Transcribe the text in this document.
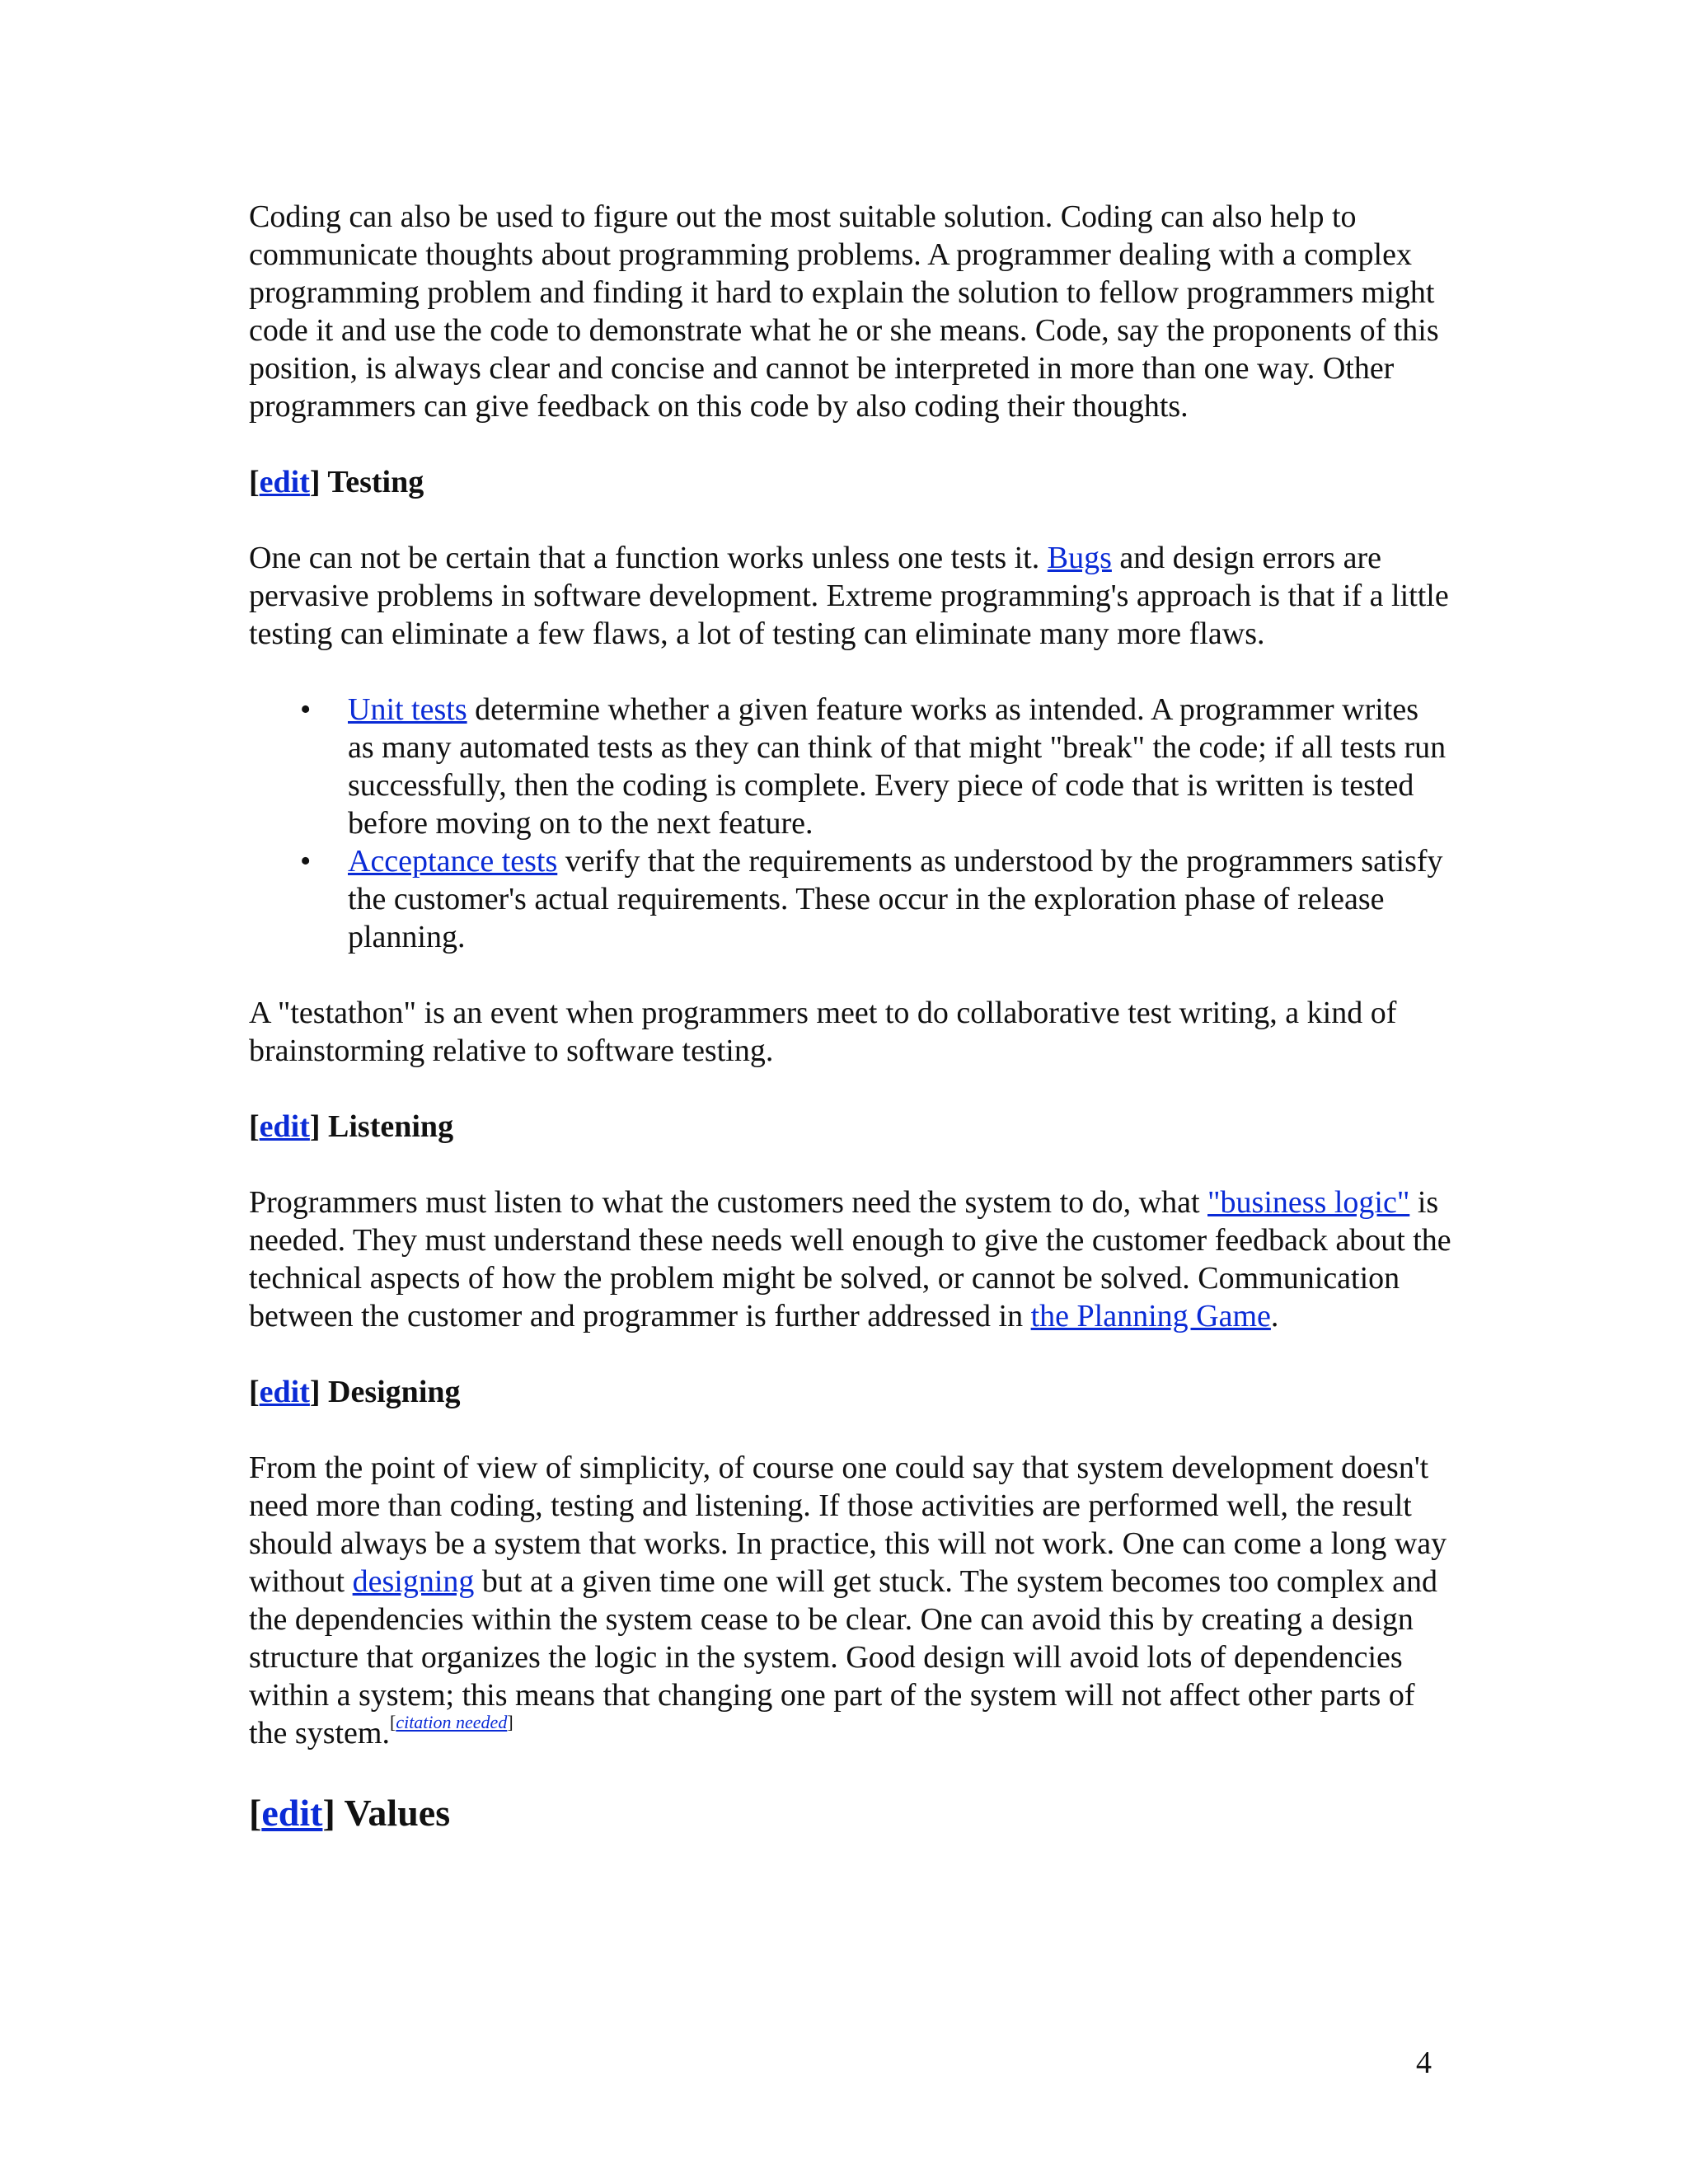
Coding can also be used to figure out the most suitable solution. Coding can also help to communicate thoughts about programming problems. A programmer dealing with a complex programming problem and finding it hard to explain the solution to fellow programmers might code it and use the code to demonstrate what he or she means. Code, say the proponents of this position, is always clear and concise and cannot be interpreted in more than one way. Other programmers can give feedback on this code by also coding their thoughts.

[edit] Testing

One can not be certain that a function works unless one tests it. Bugs and design errors are pervasive problems in software development. Extreme programming's approach is that if a little testing can eliminate a few flaws, a lot of testing can eliminate many more flaws.

• Unit tests determine whether a given feature works as intended. A programmer writes as many automated tests as they can think of that might "break" the code; if all tests run successfully, then the coding is complete. Every piece of code that is written is tested before moving on to the next feature.
• Acceptance tests verify that the requirements as understood by the programmers satisfy the customer's actual requirements. These occur in the exploration phase of release planning.

A "testathon" is an event when programmers meet to do collaborative test writing, a kind of brainstorming relative to software testing.

[edit] Listening

Programmers must listen to what the customers need the system to do, what "business logic" is needed. They must understand these needs well enough to give the customer feedback about the technical aspects of how the problem might be solved, or cannot be solved. Communication between the customer and programmer is further addressed in the Planning Game.

[edit] Designing

From the point of view of simplicity, of course one could say that system development doesn't need more than coding, testing and listening. If those activities are performed well, the result should always be a system that works. In practice, this will not work. One can come a long way without designing but at a given time one will get stuck. The system becomes too complex and the dependencies within the system cease to be clear. One can avoid this by creating a design structure that organizes the logic in the system. Good design will avoid lots of dependencies within a system; this means that changing one part of the system will not affect other parts of the system.[citation needed]

[edit] Values
4
